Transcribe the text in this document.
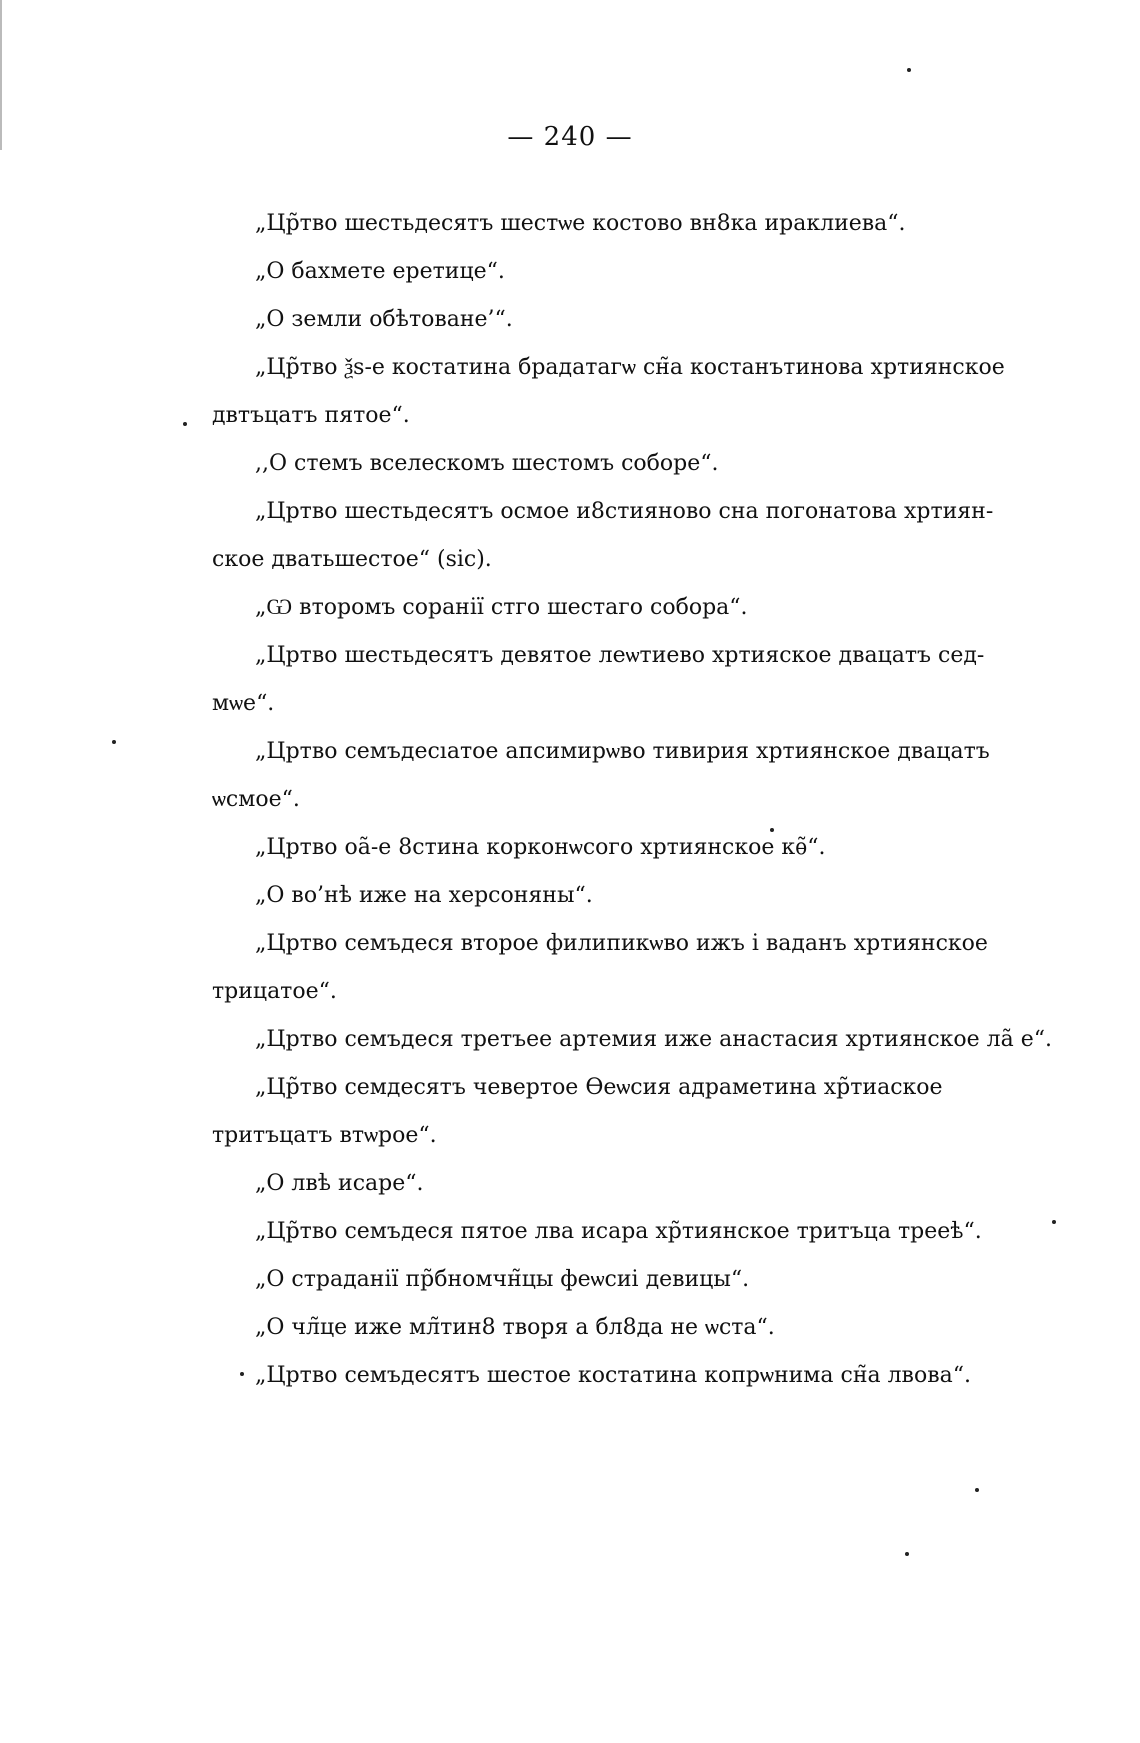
— 240 —
„Цр̃тво шестьдесятъ шестѡе костово вн8ка ираклиева“.
„О бахмете еретице“.
„О земли обѣтоване’“.
„Цр̃тво ѯѕ-е костатина брадатагѡ сн̃а костанътинова хртиянское
двтъцатъ пятое“.
,,О стемъ вселескомъ шестомъ соборе“.
„Цртво шестьдесятъ осмое и8стияново сна погонатова хртиян-
ское дватьшестое“ (sic).
„Ѡ второмъ соранії стго шестаго собора“.
„Цртво шестьдесятъ девятое леѡтиево хртияское двацатъ сед-
мѡе“.
„Цртво семъдесıатое апсимирѡво тивирия хртиянское двацатъ
ѡсмое“.
„Цртво оа̃-е 8стина корконѡсого хртиянское кѳ̃“.
„О во’нѣ иже на херсоняны“.
„Цртво семъдеся второе филипикѡво ижъ і ваданъ хртиянское
трицатое“.
„Цртво семъдеся третъее артемия иже анастасия хртиянское ла̃ е“.
„Цр̃тво семдесятъ чевертое Ѳеѡсия адраметина хр̃тиаское
тритъцатъ втѡрое“.
„О лвѣ исаре“.
„Цр̃тво семъдеся пятое лва исара хр̃тиянское тритъца трееѣ“.
„О страданії пр̃бномчн̃цы феѡсиі девицы“.
„О чл̃це иже мл̃тин8 творя а бл8да не ѡста“.
„Цртво семъдесятъ шестое костатина копрѡнима сн̃а лвова“.
